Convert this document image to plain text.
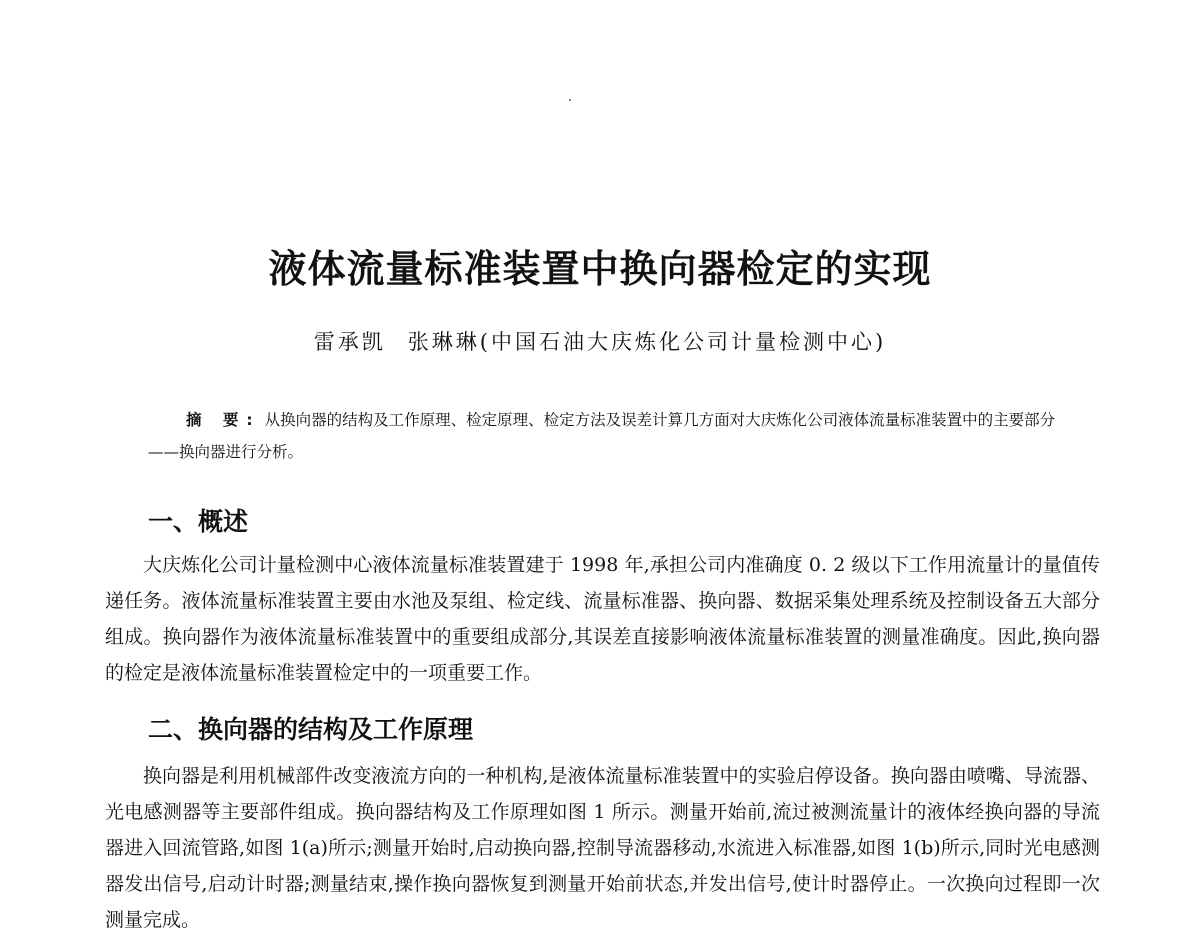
液体流量标准装置中换向器检定的实现
雷承凯 张琳琳(中国石油大庆炼化公司计量检测中心)
摘 要: 从换向器的结构及工作原理、检定原理、检定方法及误差计算几方面对大庆炼化公司液体流量标准装置中的主要部分——换向器进行分析。
一、概述
大庆炼化公司计量检测中心液体流量标准装置建于 1998 年,承担公司内准确度 0. 2 级以下工作用流量计的量值传递任务。液体流量标准装置主要由水池及泵组、检定线、流量标准器、换向器、数据采集处理系统及控制设备五大部分组成。换向器作为液体流量标准装置中的重要组成部分,其误差直接影响液体流量标准装置的测量准确度。因此,换向器的检定是液体流量标准装置检定中的一项重要工作。
二、换向器的结构及工作原理
换向器是利用机械部件改变液流方向的一种机构,是液体流量标准装置中的实验启停设备。换向器由喷嘴、导流器、光电感测器等主要部件组成。换向器结构及工作原理如图 1 所示。测量开始前,流过被测流量计的液体经换向器的导流器进入回流管路,如图 1(a)所示;测量开始时,启动换向器,控制导流器移动,水流进入标准器,如图 1(b)所示,同时光电感测器发出信号,启动计时器;测量结束,操作换向器恢复到测量开始前状态,并发出信号,使计时器停止。一次换向过程即一次测量完成。
